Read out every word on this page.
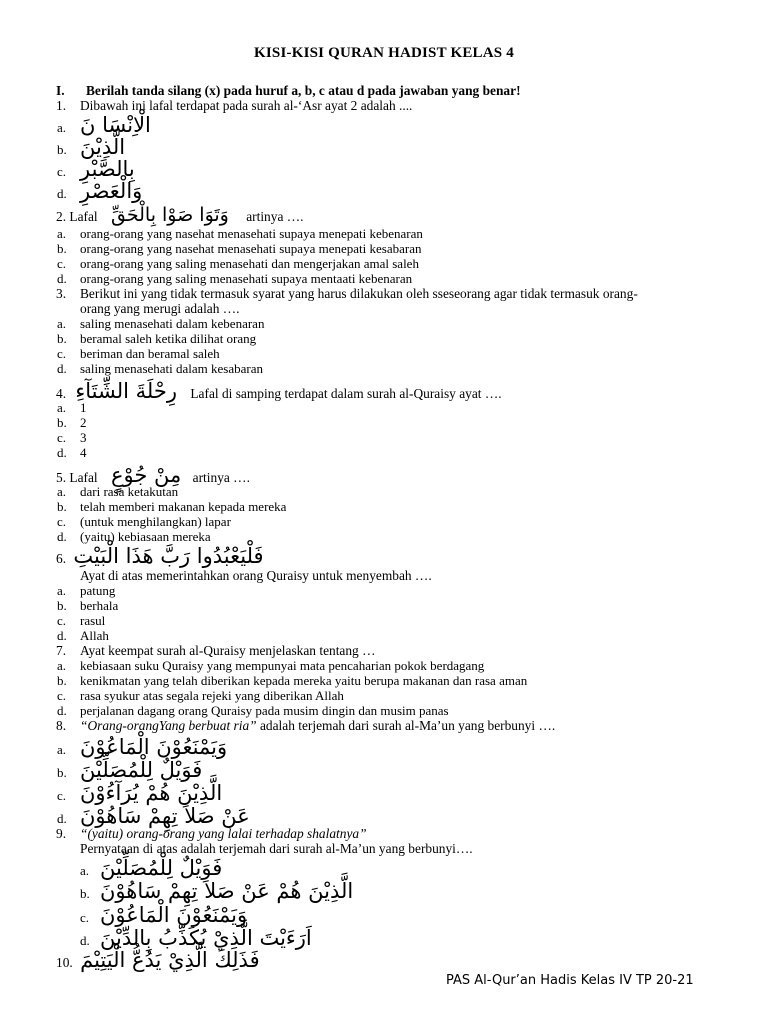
KISI-KISI QURAN HADIST KELAS 4
I. Berilah tanda silang (x) pada huruf a, b, c atau d pada jawaban yang benar!
1. Dibawah ini lafal terdapat pada surah al-‘Asr ayat 2 adalah ....
a. الْاِنْسَا نَ
b. الَّذِيْنَ
c. بِالصَّبْرِ
d. وَالْعَصْرِ
2. Lafal وَتَوَا صَوْا بِالْحَقِّ artinya ….
a. orang-orang yang nasehat menasehati supaya menepati kebenaran
b. orang-orang yang nasehat menasehati supaya menepati kesabaran
c. orang-orang yang saling menasehati dan mengerjakan amal saleh
d. orang-orang yang saling menasehati supaya mentaati kebenaran
3. Berikut ini yang tidak termasuk syarat yang harus dilakukan oleh sseseorang agar tidak termasuk orang-
orang yang merugi adalah ….
a. saling menasehati dalam kebenaran
b. beramal saleh ketika dilihat orang
c. beriman dan beramal saleh
d. saling menasehati dalam kesabaran
4. رِحْلَةَ الشِّتَآءِ Lafal di samping terdapat dalam surah al-Quraisy ayat ….
a. 1
b. 2
c. 3
d. 4
5. Lafal مِنْ جُوْعٍ artinya ….
a. dari rasa ketakutan
b. telah memberi makanan kepada mereka
c. (untuk menghilangkan) lapar
d. (yaitu) kebiasaan mereka
6. فَلْيَعْبُدُوا رَبَّ هَذَا الْبَيْتِ
Ayat di atas memerintahkan orang Quraisy untuk menyembah ….
a. patung
b. berhala
c. rasul
d. Allah
7. Ayat keempat surah al-Quraisy menjelaskan tentang …
a. kebiasaan suku Quraisy yang mempunyai mata pencaharian pokok berdagang
b. kenikmatan yang telah diberikan kepada mereka yaitu berupa makanan dan rasa aman
c. rasa syukur atas segala rejeki yang diberikan Allah
d. perjalanan dagang orang Quraisy pada musim dingin dan musim panas
8. “Orang-orangYang berbuat ria” adalah terjemah dari surah al-Ma’un yang berbunyi ….
a. وَيَمْنَعُوْنَ الْمَاعُوْنَ
b. فَوَيْلٌ لِلْمُصَلِّيْنَ
c. الَّذِيْنَ هُمْ يُرَآءُوْنَ
d. عَنْ صَلاَ تِهِمْ سَاهُوْنَ
9. “(yaitu) orang-orang yang lalai terhadap shalatnya”
Pernyataan di atas adalah terjemah dari surah al-Ma’un yang berbunyi….
a. فَوَيْلٌ لِلْمُصَلِّيْنَ
b. الَّذِيْنَ هُمْ عَنْ صَلاَ تِهِمْ سَاهُوْنَ
c. وَيَمْنَعُوْنَ الْمَاعُوْنَ
d. اَرَءَيْتَ الَّذِيْ يُكَذِّبُ بِالدِّيْنَ
10. فَذَلِكَ الَّذِيْ يَدُعُّ الْيَتِيْمَ
PAS Al-Qur’an Hadis Kelas IV TP 20-21
